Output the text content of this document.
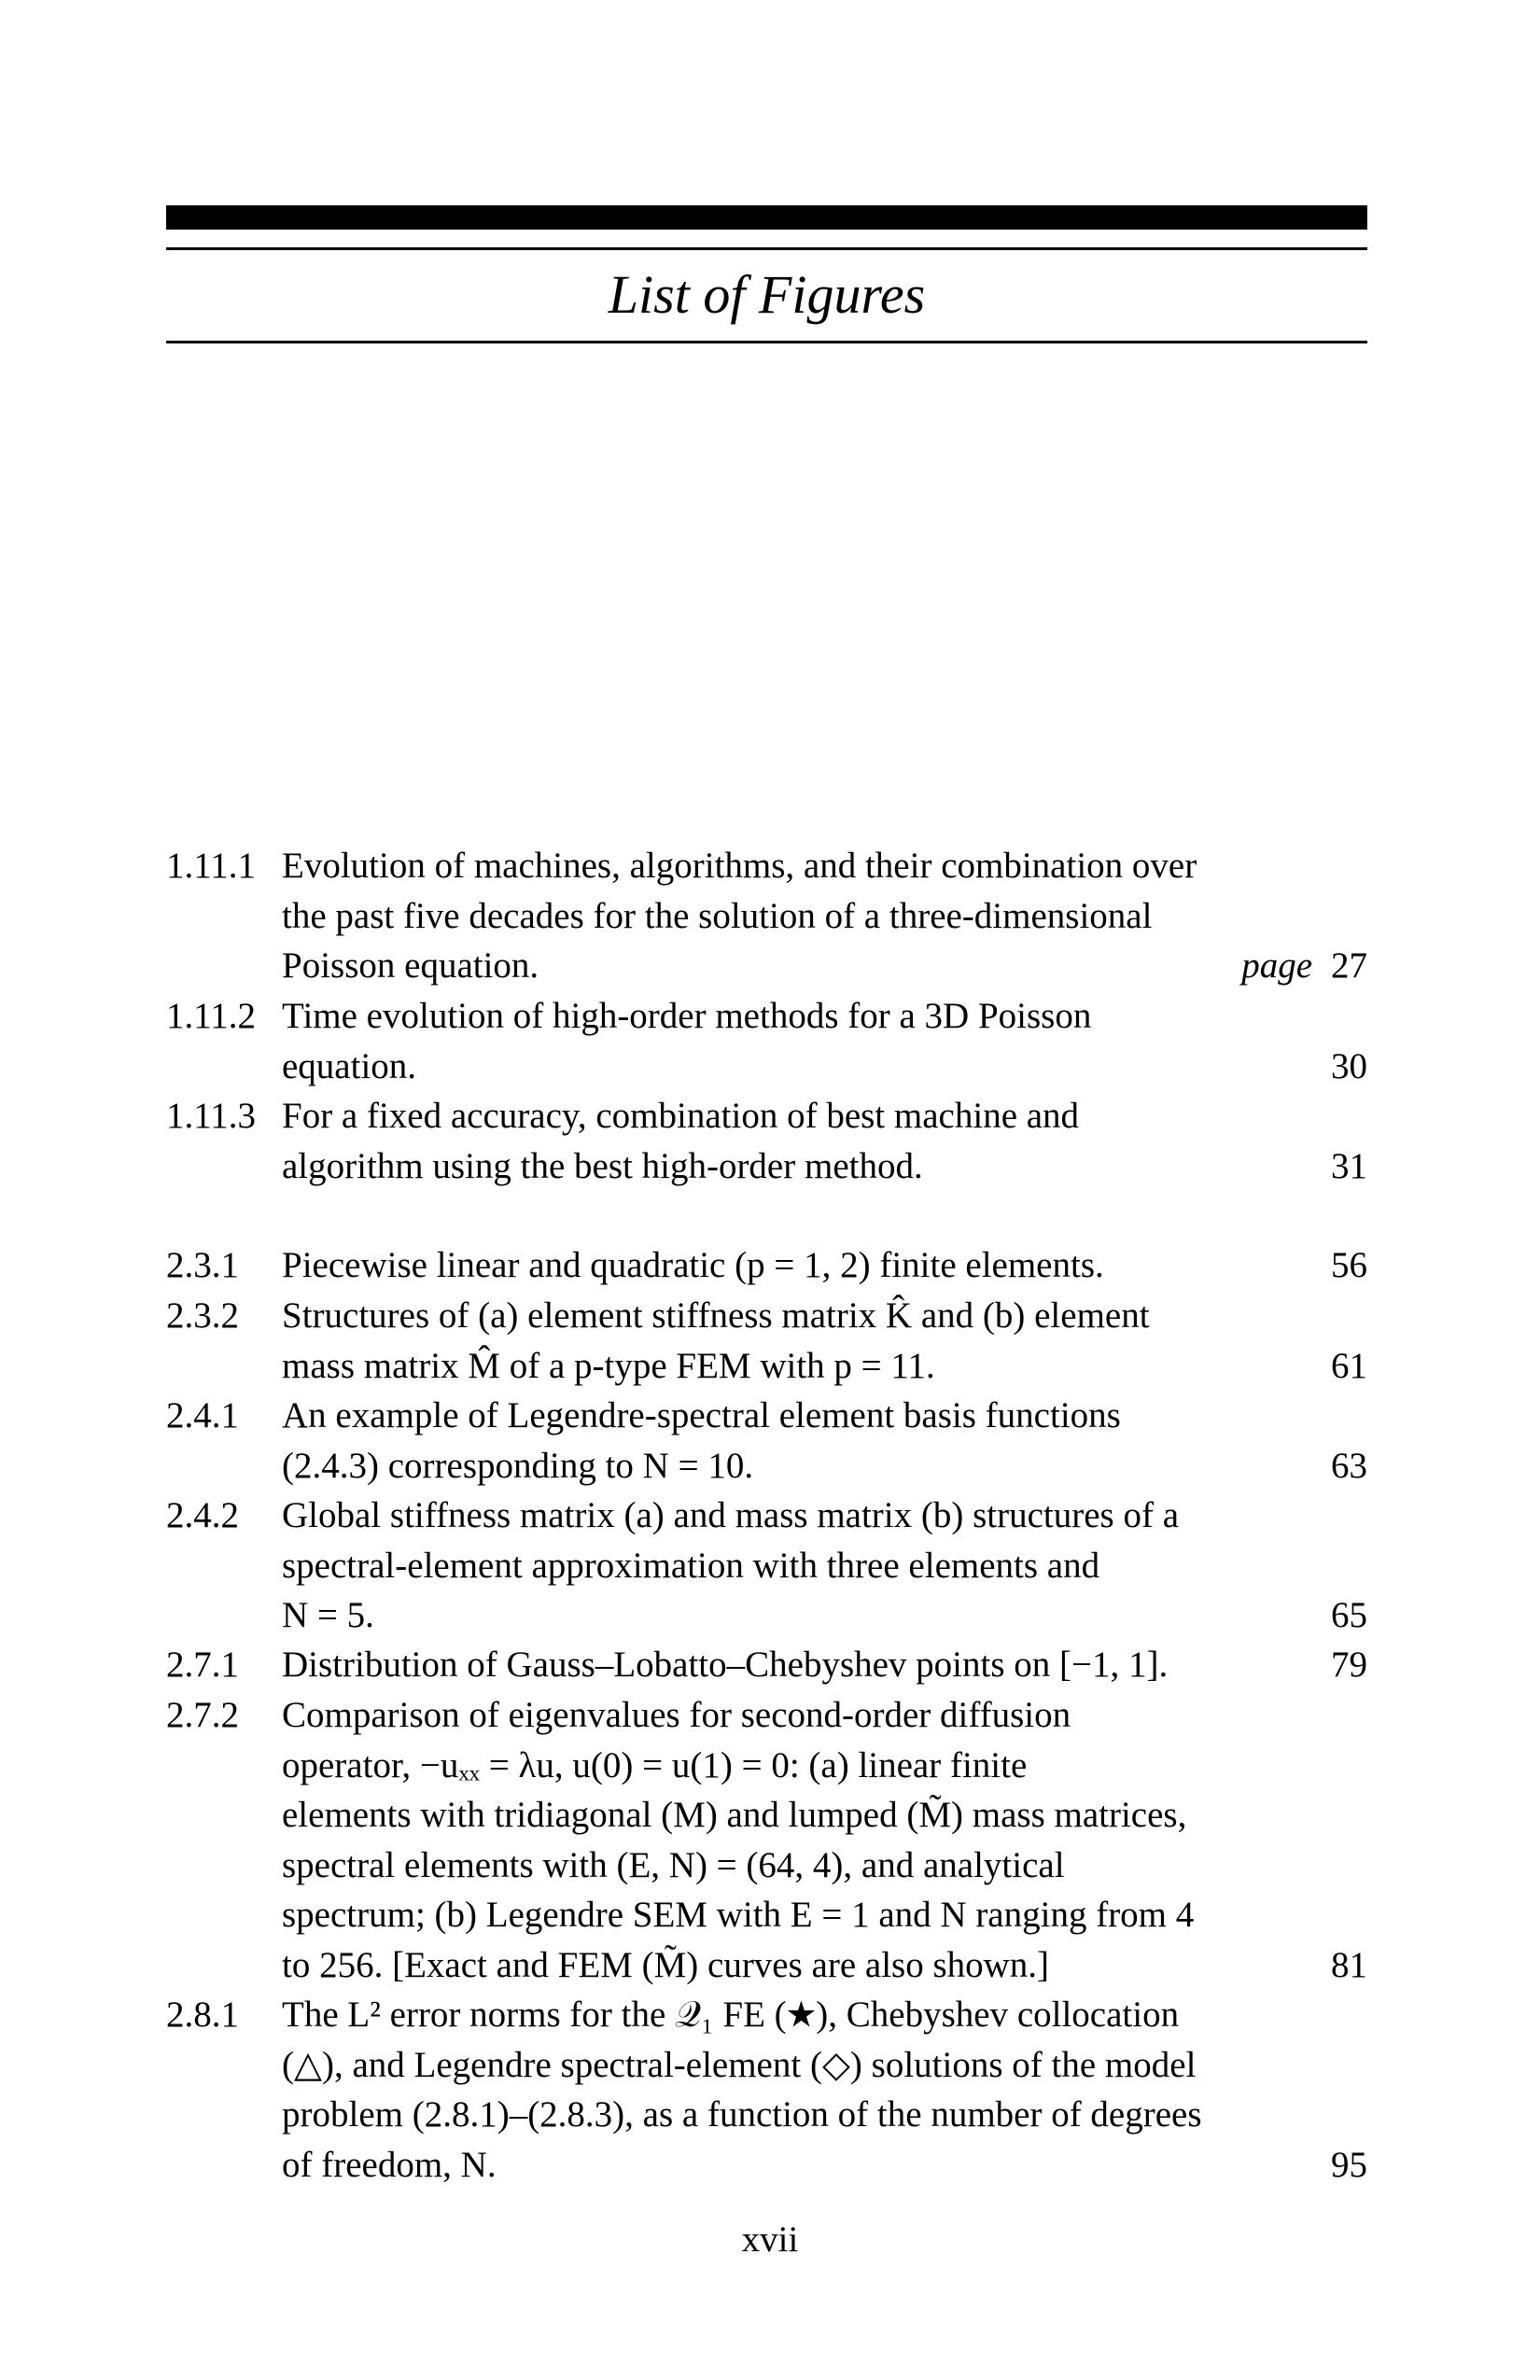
List of Figures
1.11.1 Evolution of machines, algorithms, and their combination over
the past five decades for the solution of a three-dimensional
Poisson equation.	page 27
1.11.2 Time evolution of high-order methods for a 3D Poisson
equation.	30
1.11.3 For a fixed accuracy, combination of best machine and
algorithm using the best high-order method.	31
2.3.1 Piecewise linear and quadratic (p = 1, 2) finite elements.	56
2.3.2 Structures of (a) element stiffness matrix K̂ and (b) element
mass matrix M̂ of a p-type FEM with p = 11.	61
2.4.1 An example of Legendre-spectral element basis functions
(2.4.3) corresponding to N = 10.	63
2.4.2 Global stiffness matrix (a) and mass matrix (b) structures of a
spectral-element approximation with three elements and
N = 5.	65
2.7.1 Distribution of Gauss–Lobatto–Chebyshev points on [−1, 1].	79
2.7.2 Comparison of eigenvalues for second-order diffusion
operator, −uₓₓ = λu, u(0) = u(1) = 0: (a) linear finite
elements with tridiagonal (M) and lumped (M̃) mass matrices,
spectral elements with (E, N) = (64, 4), and analytical
spectrum; (b) Legendre SEM with E = 1 and N ranging from 4
to 256. [Exact and FEM (M̃) curves are also shown.]	81
2.8.1 The L² error norms for the 𝒬₁ FE (★), Chebyshev collocation
(△), and Legendre spectral-element (◇) solutions of the model
problem (2.8.1)–(2.8.3), as a function of the number of degrees
of freedom, N.	95
xvii
